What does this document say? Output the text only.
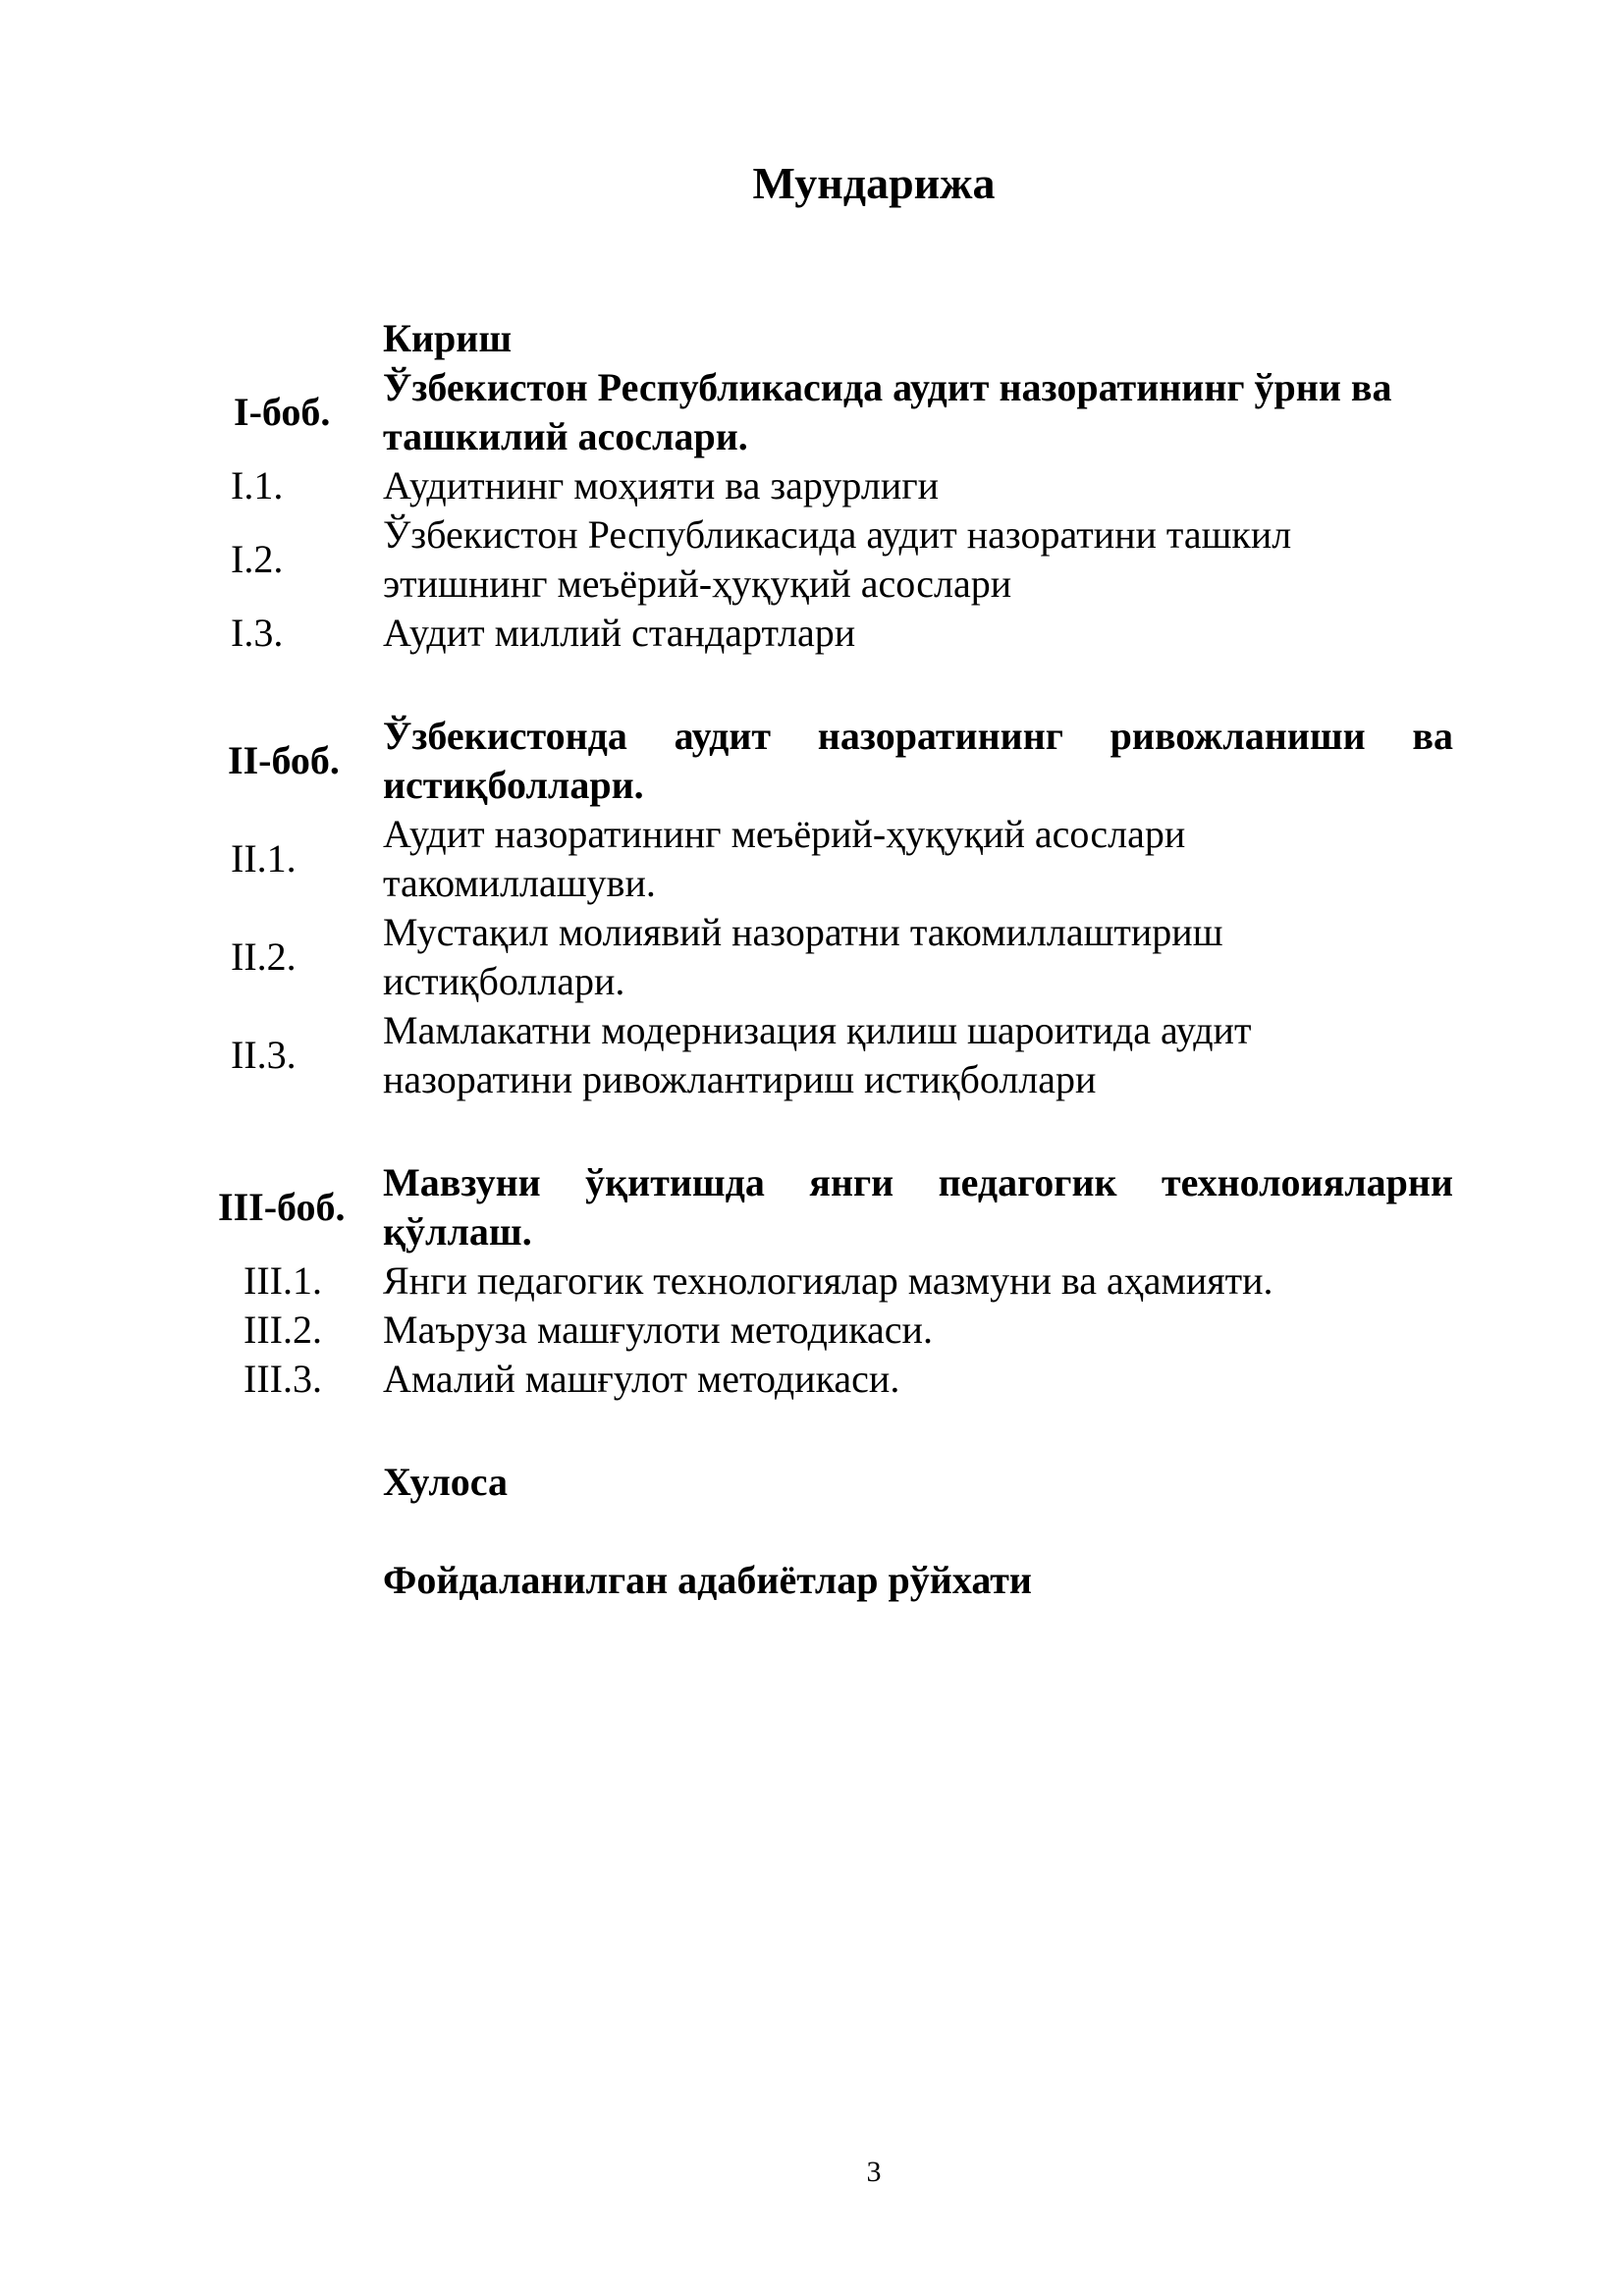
Мундарижа
Кириш
I-боб.
Ўзбекистон Республикасида аудит назоратининг ўрни ва ташкилий асослари.
I.1.	Аудитнинг моҳияти ва зарурлиги
I.2.
Ўзбекистон Республикасида аудит назоратини ташкил этишнинг меъёрий-ҳуқуқий асослари
I.3.	Аудит миллий стандартлари
II-боб.
Ўзбекистонда аудит назоратининг ривожланиши ва истиқболлари.
II.1.
Аудит назоратининг меъёрий-ҳуқуқий асослари такомиллашуви.
II.2.
Мустақил молиявий назоратни такомиллаштириш истиқболлари.
II.3.
Мамлакатни модернизация қилиш шароитида аудит назоратини ривожлантириш истиқболлари
III-боб.
Мавзуни ўқитишда янги педагогик технолоияларни қўллаш.
III.1. Янги педагогик технологиялар мазмуни ва аҳамияти.
III.2. Маъруза машғулоти методикаси.
III.3. Амалий машғулот методикаси.
Хулоса
Фойдаланилган адабиётлар рўйхати
3
